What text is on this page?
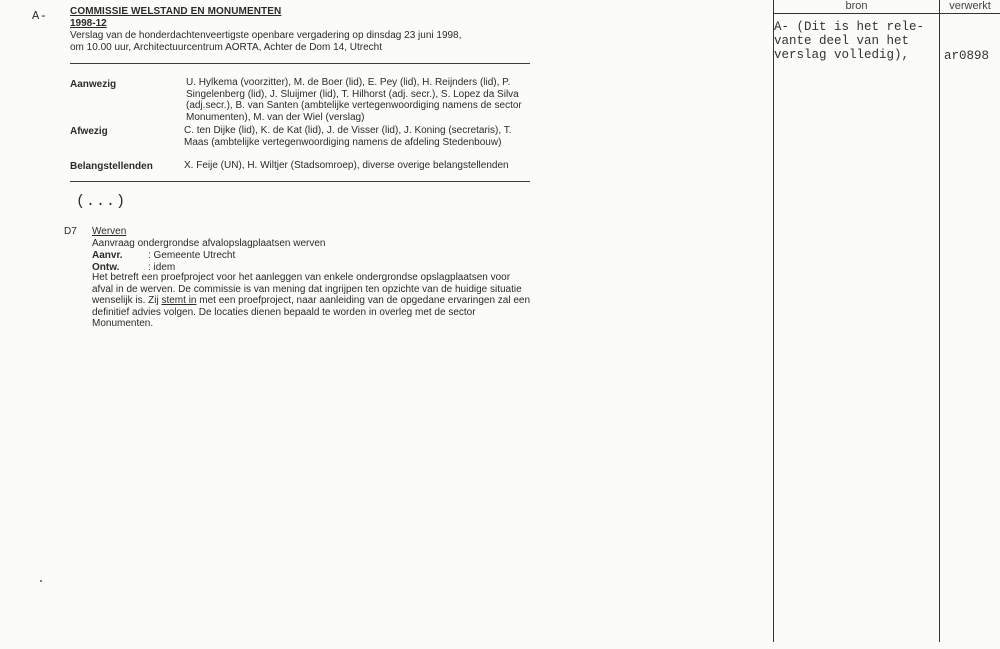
A- COMMISSIE WELSTAND EN MONUMENTEN
1998-12
Verslag van de honderdachtenveertigste openbare vergadering op dinsdag 23 juni 1998,
om 10.00 uur, Architectuurcentrum AORTA, Achter de Dom 14, Utrecht
Aanwezig	U. Hylkema (voorzitter), M. de Boer (lid), E. Pey (lid), H. Reijnders (lid), P. Singelenberg (lid), J. Sluijmer (lid), T. Hilhorst (adj. secr.), S. Lopez da Silva (adj.secr.), B. van Santen (ambtelijke vertegenwoordiging namens de sector Monumenten), M. van der Wiel (verslag)
Afwezig	C. ten Dijke (lid), K. de Kat (lid), J. de Visser (lid), J. Koning (secretaris), T. Maas (ambtelijke vertegenwoordiging namens de afdeling Stedenbouw)
Belangstellenden	X. Feije (UN), H. Wiltjer (Stadsomroep), diverse overige belangstellenden
(...)
D7 Werven
Aanvraag ondergrondse afvalopslagplaatsen werven
Aanvr.	: Gemeente Utrecht
Ontw.	: idem
Het betreft een proefproject voor het aanleggen van enkele ondergrondse opslagplaatsen voor afval in de werven. De commissie is van mening dat ingrijpen ten opzichte van de huidige situatie wenselijk is. Zij stemt in met een proefproject, naar aanleiding van de opgedane ervaringen zal een definitief advies volgen. De locaties dienen bepaald te worden in overleg met de sector Monumenten.
bron	verwerkt
A- (Dit is het rele-
vante deel van het
verslag volledig),	ar0898
